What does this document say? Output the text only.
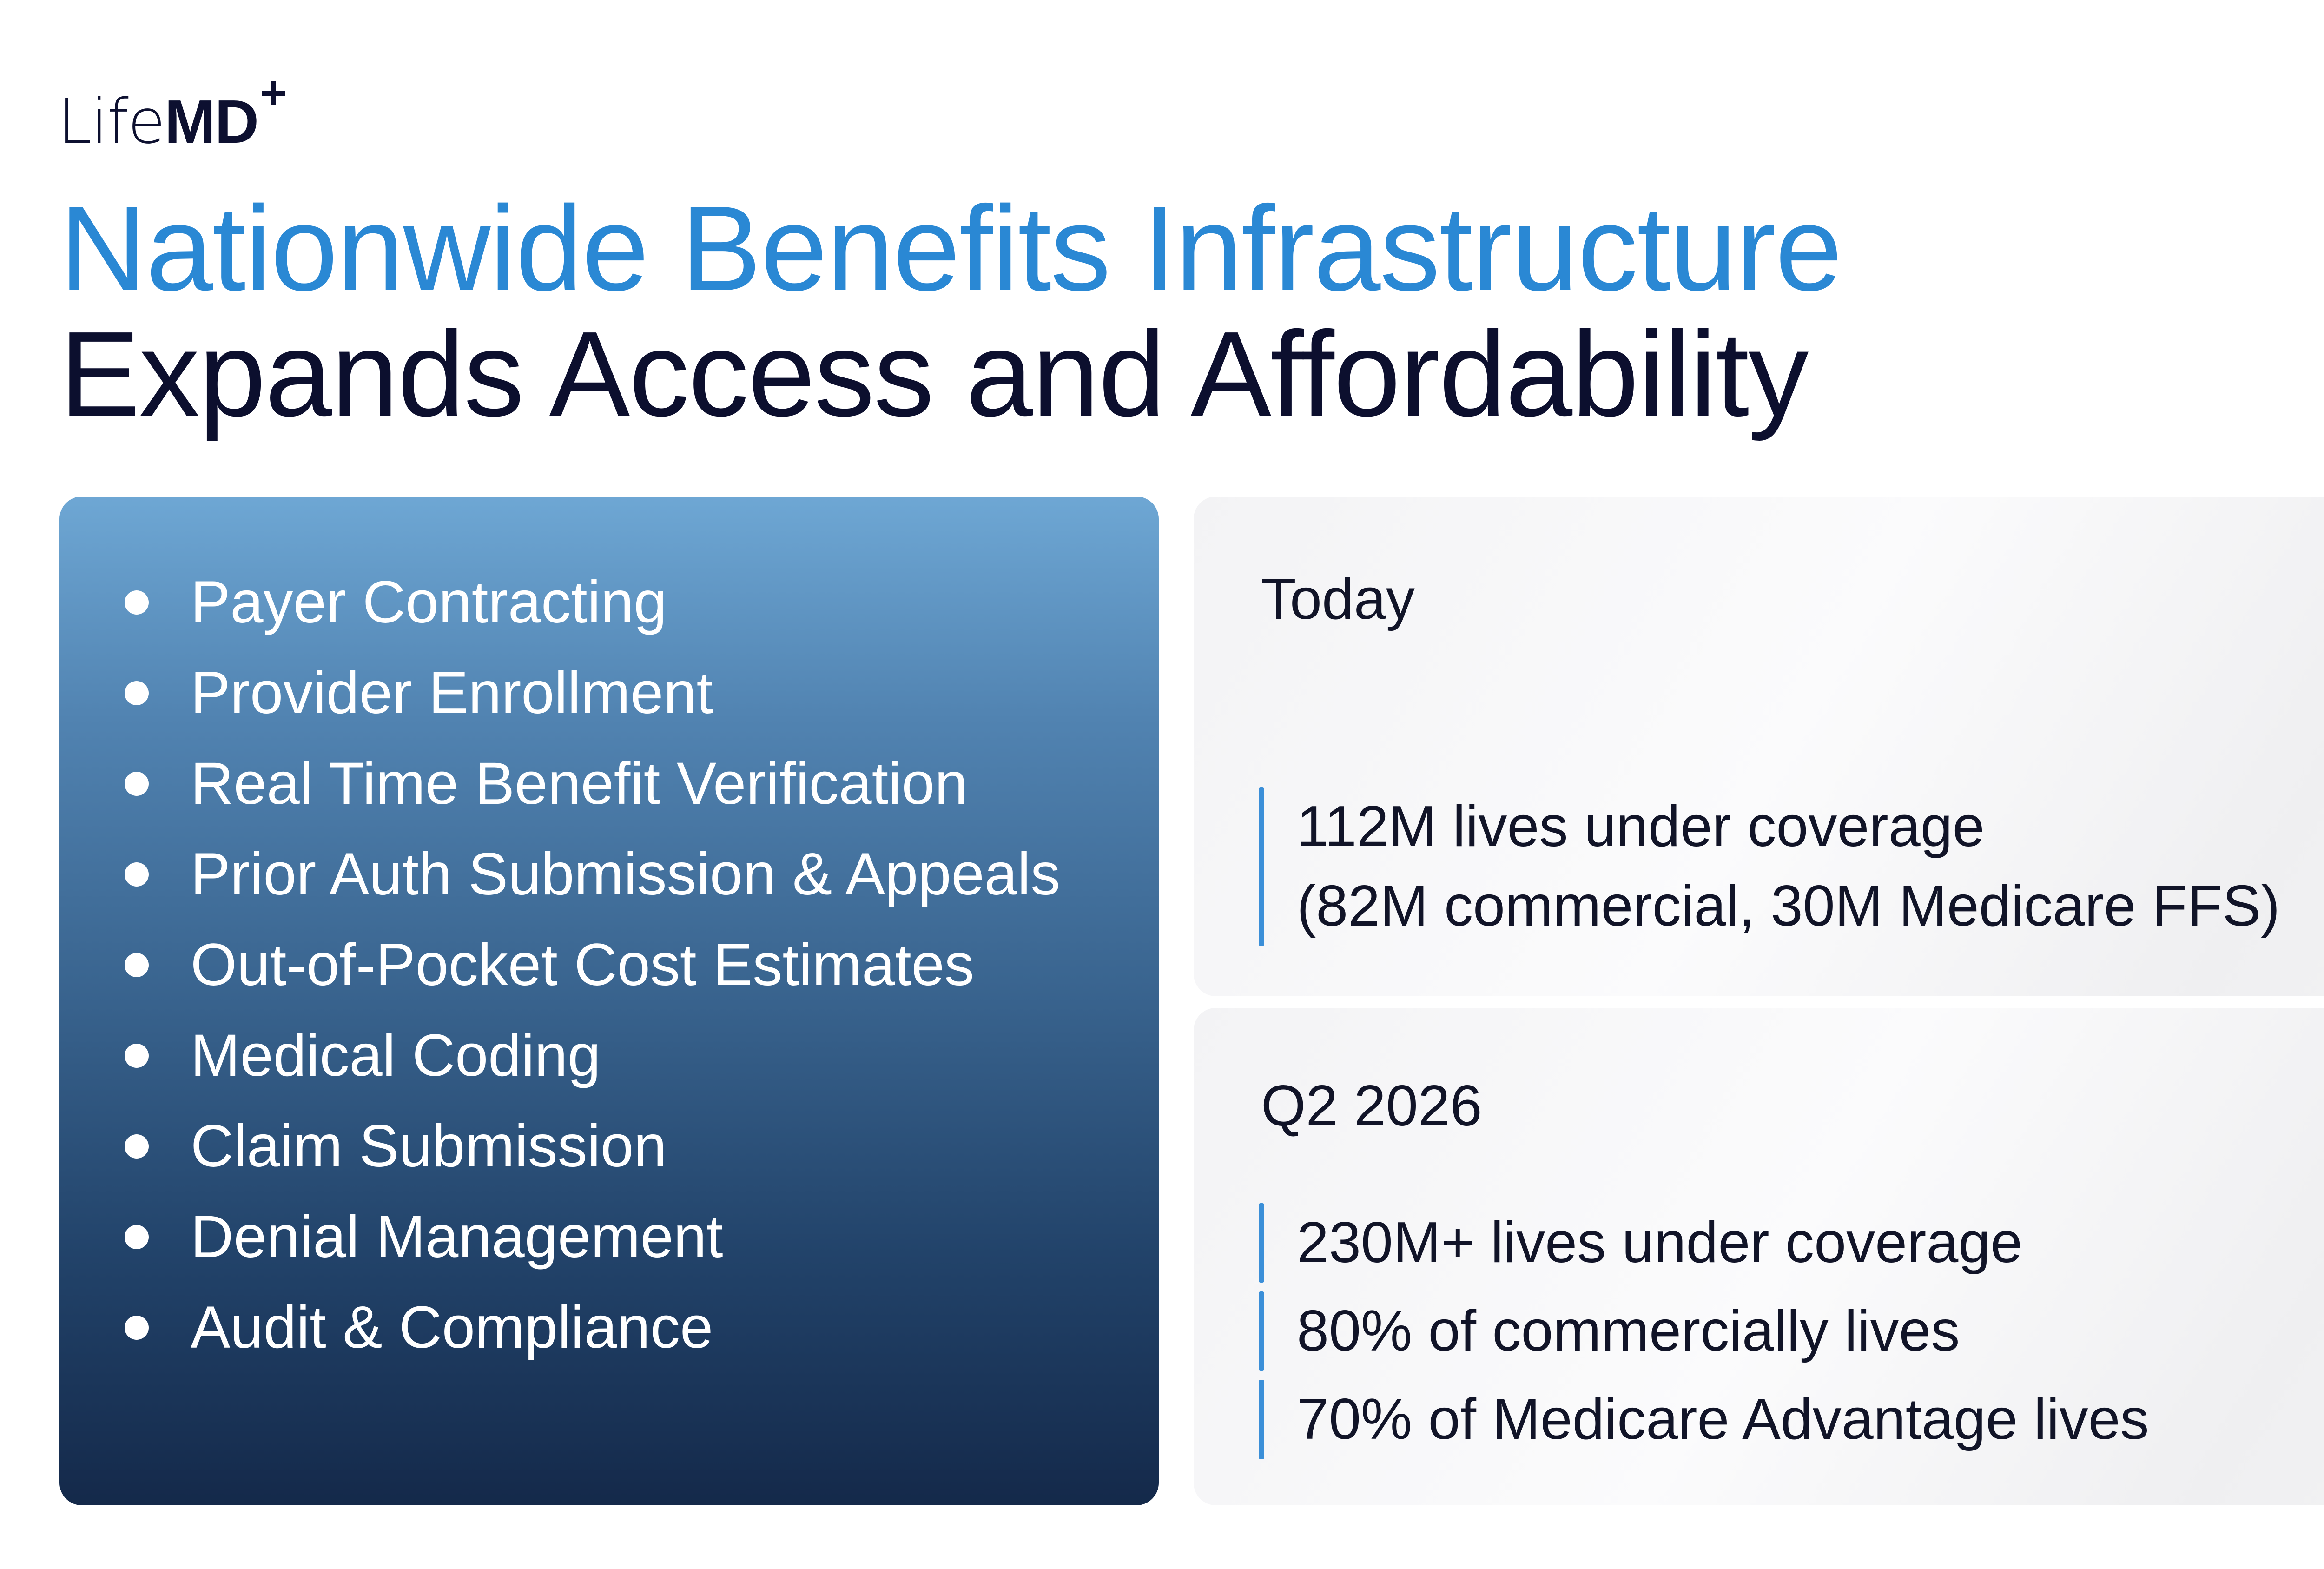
Life MD +
Nationwide Benefits Infrastructure
Expands Access and Affordability
Payer Contracting
Provider Enrollment
Real Time Benefit Verification
Prior Auth Submission & Appeals
Out-of-Pocket Cost Estimates
Medical Coding
Claim Submission
Denial Management
Audit & Compliance
Today
112M lives under coverage
(82M commercial, 30M Medicare FFS)
Q2 2026
230M+ lives under coverage
80% of commercially lives
70% of Medicare Advantage lives
